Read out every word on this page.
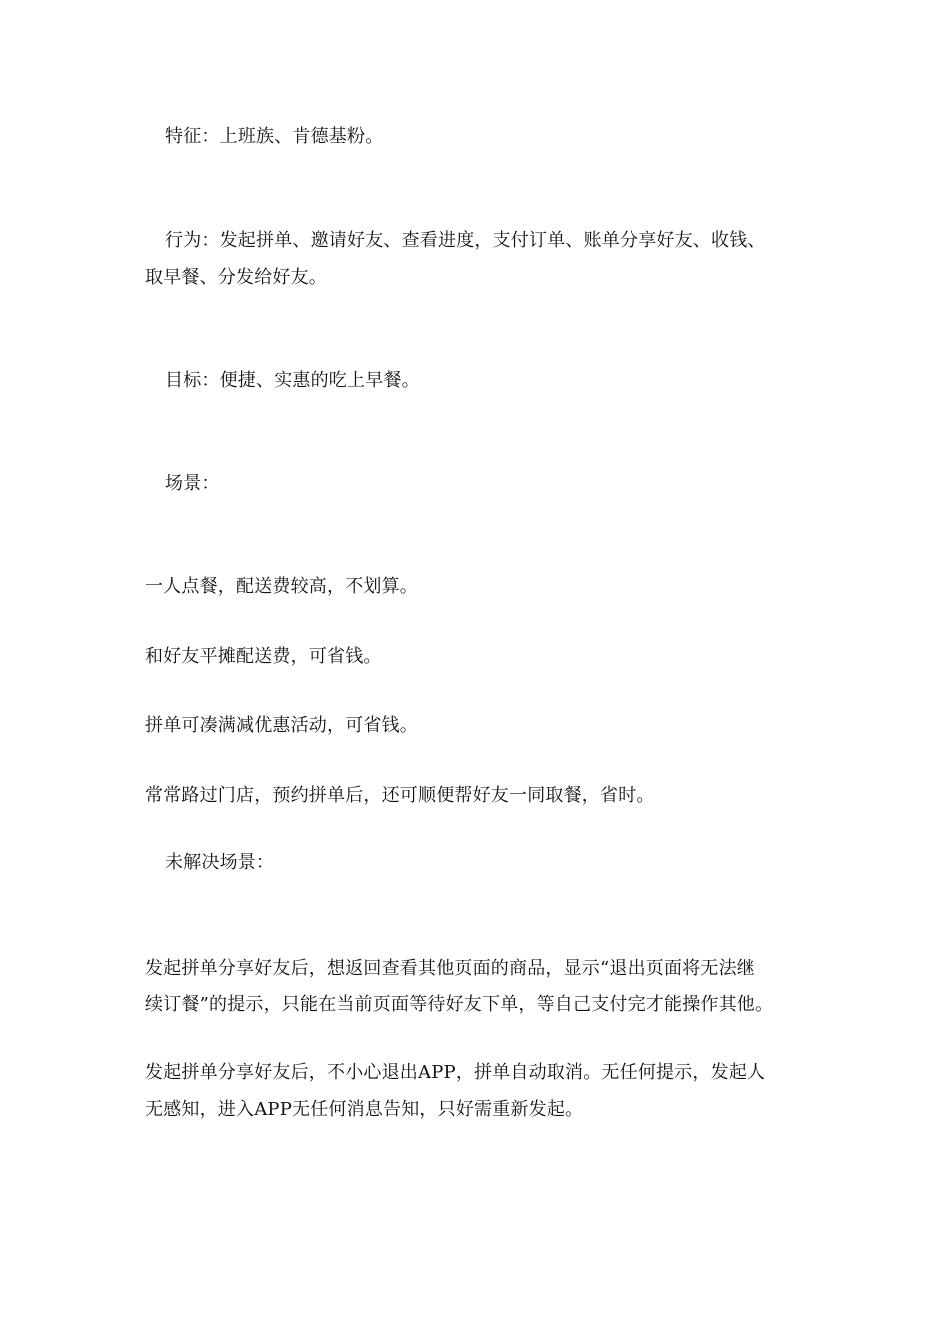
特征：上班族、肯德基粉。
行为：发起拼单、邀请好友、查看进度，支付订单、账单分享好友、收钱、
取早餐、分发给好友。
目标：便捷、实惠的吃上早餐。
场景：
一人点餐，配送费较高，不划算。
和好友平摊配送费，可省钱。
拼单可凑满减优惠活动，可省钱。
常常路过门店，预约拼单后，还可顺便帮好友一同取餐，省时。
未解决场景：
发起拼单分享好友后，想返回查看其他页面的商品，显示“退出页面将无法继
续订餐”的提示，只能在当前页面等待好友下单，等自己支付完才能操作其他。
发起拼单分享好友后，不小心退出APP，拼单自动取消。无任何提示，发起人
无感知，进入APP无任何消息告知，只好需重新发起。
